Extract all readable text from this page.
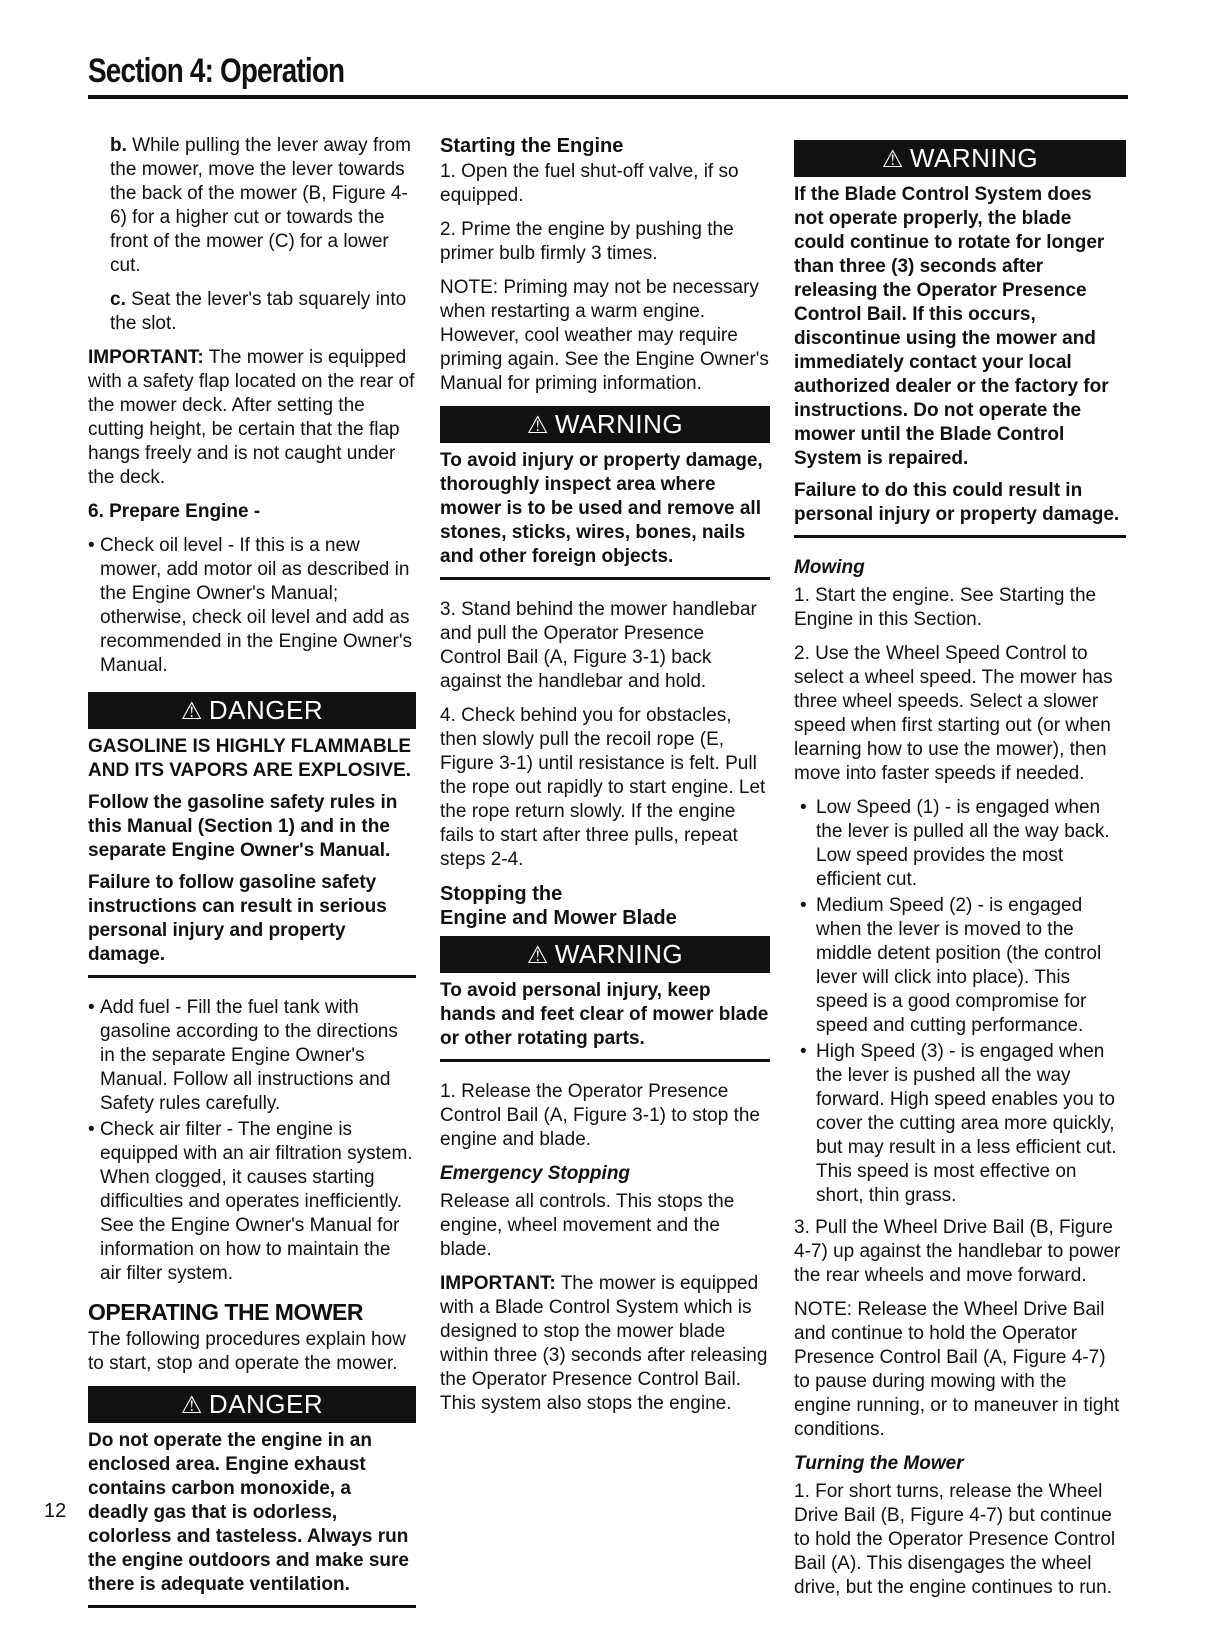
Section 4: Operation

b. While pulling the lever away from the mower, move the lever towards the back of the mower (B, Figure 4-6) for a higher cut or towards the front of the mower (C) for a lower cut.

c. Seat the lever's tab squarely into the slot.

IMPORTANT: The mower is equipped with a safety flap located on the rear of the mower deck. After setting the cutting height, be certain that the flap hangs freely and is not caught under the deck.

6. Prepare Engine -

• Check oil level - If this is a new mower, add motor oil as described in the Engine Owner's Manual; otherwise, check oil level and add as recommended in the Engine Owner's Manual.
⚠ DANGER

GASOLINE IS HIGHLY FLAMMABLE AND ITS VAPORS ARE EXPLOSIVE.

Follow the gasoline safety rules in this Manual (Section 1) and in the separate Engine Owner's Manual.

Failure to follow gasoline safety instructions can result in serious personal injury and property damage.

• Add fuel - Fill the fuel tank with gasoline according to the directions in the separate Engine Owner's Manual. Follow all instructions and Safety rules carefully.
• Check air filter - The engine is equipped with an air filtration system. When clogged, it causes starting difficulties and operates inefficiently. See the Engine Owner's Manual for information on how to maintain the air filter system.
OPERATING THE MOWER

The following procedures explain how to start, stop and operate the mower.

⚠ DANGER

Do not operate the engine in an enclosed area. Engine exhaust contains carbon monoxide, a deadly gas that is odorless, colorless and tasteless. Always run the engine outdoors and make sure there is adequate ventilation.

Starting the Engine

1. Open the fuel shut-off valve, if so equipped.

2. Prime the engine by pushing the primer bulb firmly 3 times.

NOTE: Priming may not be necessary when restarting a warm engine. However, cool weather may require priming again. See the Engine Owner's Manual for priming information.

⚠ WARNING

To avoid injury or property damage, thoroughly inspect area where mower is to be used and remove all stones, sticks, wires, bones, nails and other foreign objects.

3. Stand behind the mower handlebar and pull the Operator Presence Control Bail (A, Figure 3-1) back against the handlebar and hold.

4. Check behind you for obstacles, then slowly pull the recoil rope (E, Figure 3-1) until resistance is felt. Pull the rope out rapidly to start engine. Let the rope return slowly. If the engine fails to start after three pulls, repeat steps 2-4.

Stopping the
Engine and Mower Blade
⚠ WARNING

To avoid personal injury, keep hands and feet clear of mower blade or other rotating parts.

1. Release the Operator Presence Control Bail (A, Figure 3-1) to stop the engine and blade.

Emergency Stopping

Release all controls. This stops the engine, wheel movement and the blade.

IMPORTANT: The mower is equipped with a Blade Control System which is designed to stop the mower blade within three (3) seconds after releasing the Operator Presence Control Bail. This system also stops the engine.

⚠ WARNING

If the Blade Control System does not operate properly, the blade could continue to rotate for longer than three (3) seconds after releasing the Operator Presence Control Bail. If this occurs, discontinue using the mower and immediately contact your local authorized dealer or the factory for instructions. Do not operate the mower until the Blade Control System is repaired.

Failure to do this could result in personal injury or property damage.

Mowing

1. Start the engine. See Starting the Engine in this Section.

2. Use the Wheel Speed Control to select a wheel speed. The mower has three wheel speeds. Select a slower speed when first starting out (or when learning how to use the mower), then move into faster speeds if needed.

• Low Speed (1) - is engaged when the lever is pulled all the way back. Low speed provides the most efficient cut.
• Medium Speed (2) - is engaged when the lever is moved to the middle detent position (the control lever will click into place). This speed is a good compromise for speed and cutting performance.
• High Speed (3) - is engaged when the lever is pushed all the way forward. High speed enables you to cover the cutting area more quickly, but may result in a less efficient cut. This speed is most effective on short, thin grass.

3. Pull the Wheel Drive Bail (B, Figure 4-7) up against the handlebar to power the rear wheels and move forward.

NOTE: Release the Wheel Drive Bail and continue to hold the Operator Presence Control Bail (A, Figure 4-7) to pause during mowing with the engine running, or to maneuver in tight conditions.

Turning the Mower

1. For short turns, release the Wheel Drive Bail (B, Figure 4-7) but continue to hold the Operator Presence Control Bail (A). This disengages the wheel drive, but the engine continues to run.

12
